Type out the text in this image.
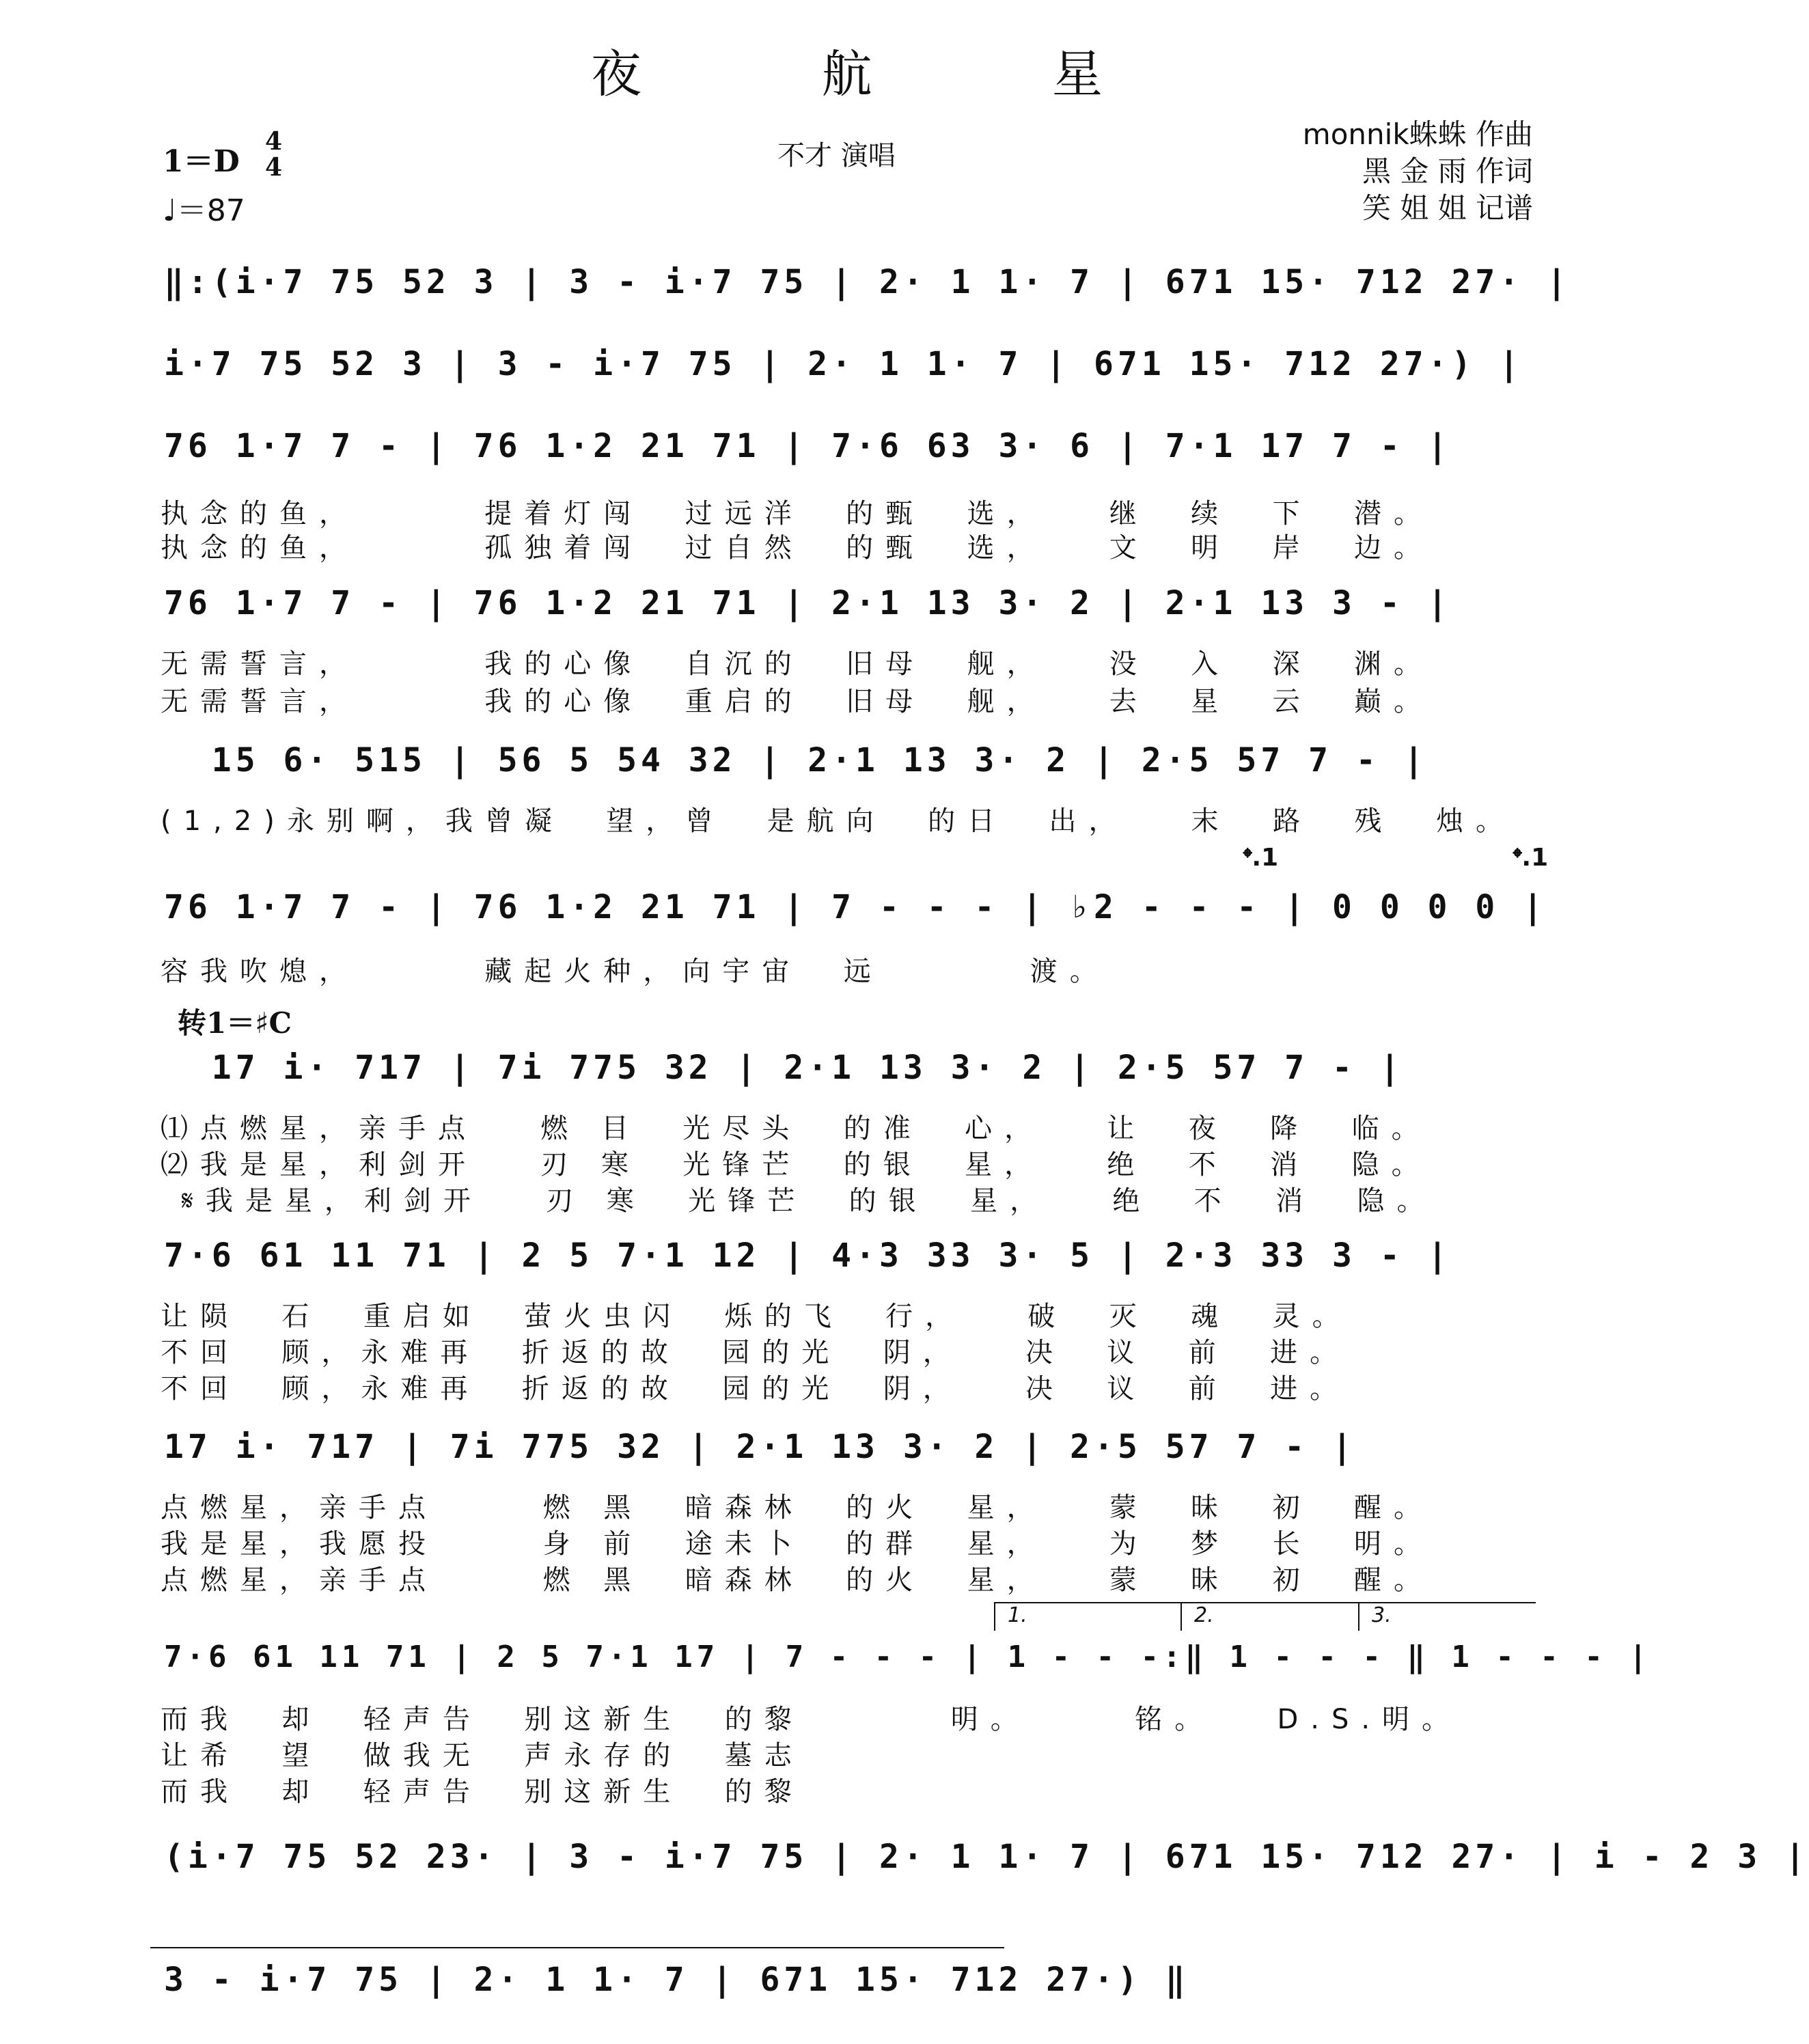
夜 航 星
1＝D
4
4
♩＝87
不才 演唱
monnik蛛蛛 作曲
黑 金 雨 作词
笑 姐 姐 记谱
‖:(i·7 75 52 3 | 3 - i·7 75 | 2· 1 1· 7 | 671 15· 712 27· |
i·7 75 52 3 | 3 - i·7 75 | 2· 1 1· 7 | 671 15· 712 27·) |
76 1·7 7 - | 76 1·2 21 71 | 7·6 63 3· 6 | 7·1 17 7 - |
执念的鱼，      提着灯闯  过远洋  的甄  选，   继  续  下  潜。
执念的鱼，      孤独着闯  过自然  的甄  选，   文  明  岸  边。
76 1·7 7 - | 76 1·2 21 71 | 2·1 13 3· 2 | 2·1 13 3 - |
无需誓言，      我的心像  自沉的  旧母  舰，   没  入  深  渊。
无需誓言，      我的心像  重启的  旧母  舰，   去  星  云  巅。
15 6· 515 | 56 5 54 32 | 2·1 13 3· 2 | 2·5 57 7 - |
(1,2)永别啊，我曾凝  望，曾  是航向  的日  出，   末  路  残  烛。
𝄌.1	𝄌.1
76 1·7 7 - | 76 1·2 21 71 | 7 - - - | ♭2 - - - | 0 0 0 0 |
容我吹熄，      藏起火种，向宇宙  远       渡。
转1＝♯C
17 i· 717 | 7i 775 32 | 2·1 13 3· 2 | 2·5 57 7 - |
⑴点燃星，亲手点   燃 目  光尽头  的准  心，   让  夜  降  临。
⑵我是星，利剑开   刃 寒  光锋芒  的银  星，   绝  不  消  隐。
𝄋我是星，利剑开   刃 寒  光锋芒  的银  星，   绝  不  消  隐。
7·6 61 11 71 | 2 5 7·1 12 | 4·3 33 3· 5 | 2·3 33 3 - |
让陨  石  重启如  萤火虫闪  烁的飞  行，   破  灭  魂  灵。
不回  顾，永难再  折返的故  园的光  阴，   决  议  前  进。
不回  顾，永难再  折返的故  园的光  阴，   决  议  前  进。
17 i· 717 | 7i 775 32 | 2·1 13 3· 2 | 2·5 57 7 - |
点燃星，亲手点     燃 黑  暗森林  的火  星，   蒙  昧  初  醒。
我是星，我愿投     身 前  途未卜  的群  星，   为  梦  长  明。
点燃星，亲手点     燃 黑  暗森林  的火  星，   蒙  昧  初  醒。
1.	2.	3.
7·6 61 11 71 | 2 5 7·1 17 | 7 - - - | 1 - - -:‖ 1 - - - ‖ 1 - - - |
而我  却  轻声告  别这新生  的黎       明。     铭。   D.S.明。
让希  望  做我无  声永存的  墓志
而我  却  轻声告  别这新生  的黎
(i·7 75 52 23· | 3 - i·7 75 | 2· 1 1· 7 | 671 15· 712 27· | i - 2 3 |
3 - i·7 75 | 2· 1 1· 7 | 671 15· 712 27·) ‖
